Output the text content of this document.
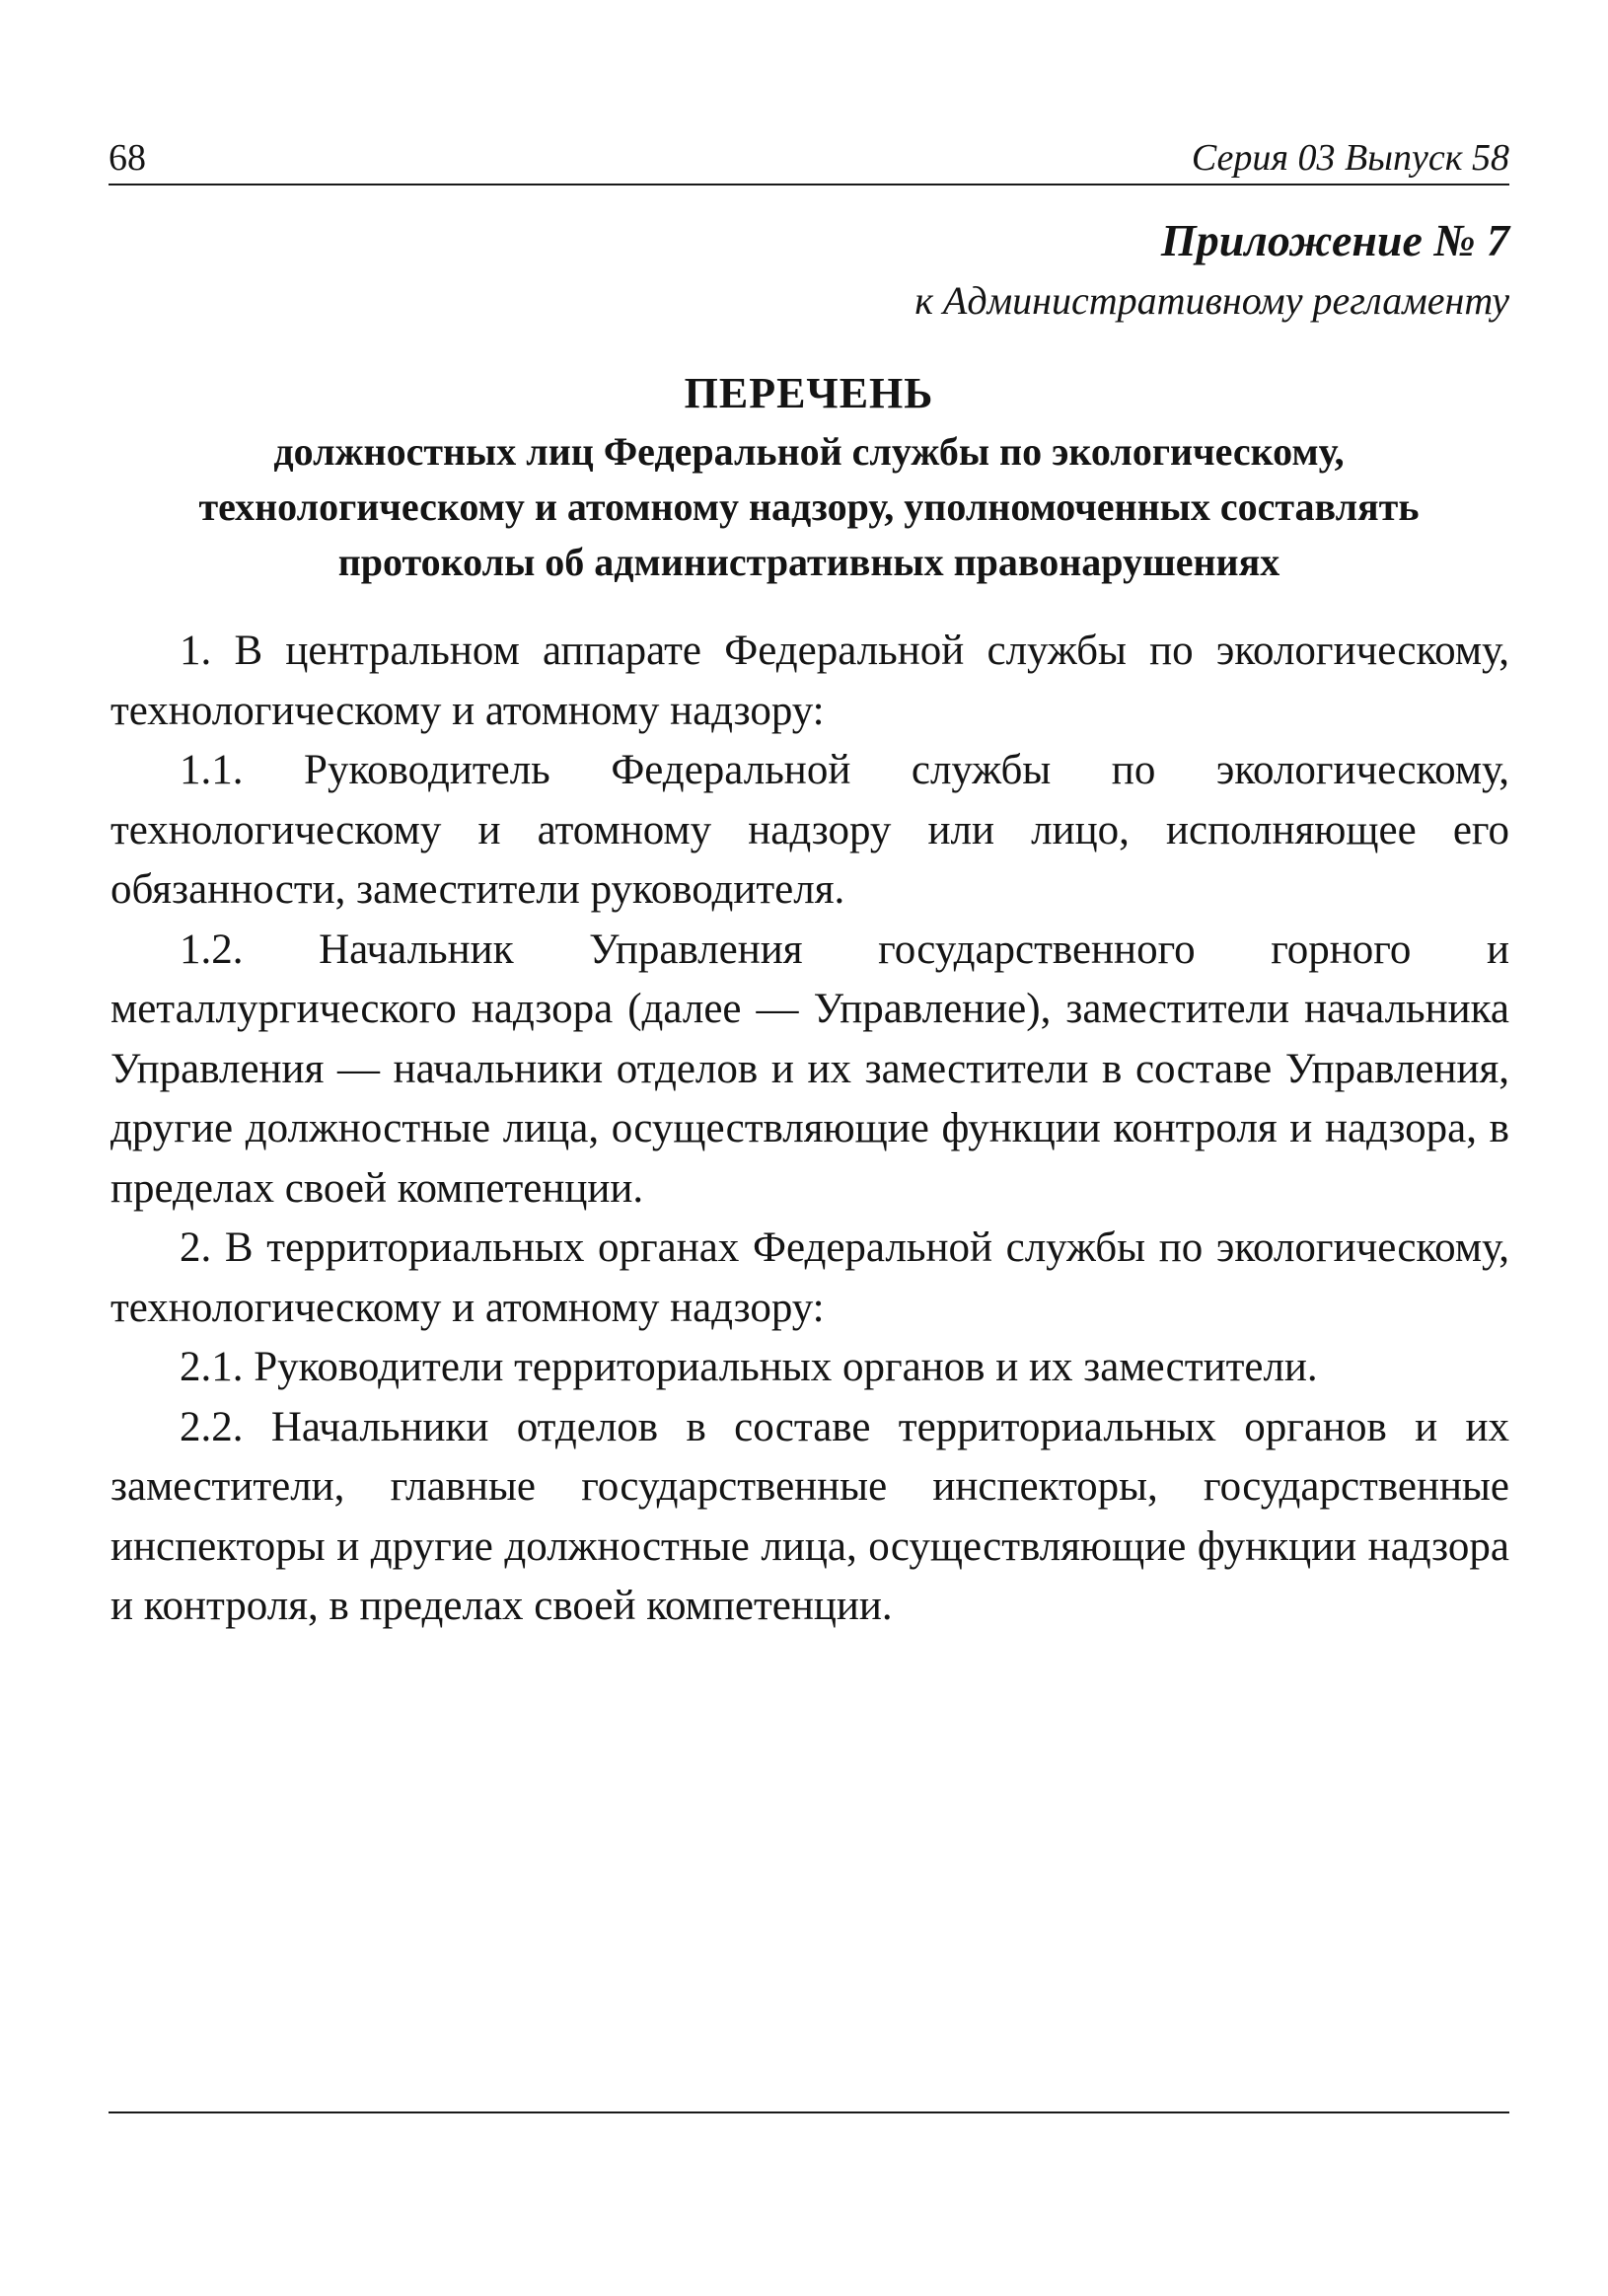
68	Серия 03 Выпуск 58
Приложение № 7
к Административному регламенту
ПЕРЕЧЕНЬ
должностных лиц Федеральной службы по экологическому,
технологическому и атомному надзору, уполномоченных составлять
протоколы об административных правонарушениях

1. В центральном аппарате Федеральной службы по экологическому, технологическому и атомному надзору:

1.1. Руководитель Федеральной службы по экологическому, технологическому и атомному надзору или лицо, исполняющее его обязанности, заместители руководителя.

1.2. Начальник Управления государственного горного и металлургического надзора (далее — Управление), заместители начальника Управления — начальники отделов и их заместители в составе Управления, другие должностные лица, осуществляющие функции контроля и надзора, в пределах своей компетенции.

2. В территориальных органах Федеральной службы по экологическому, технологическому и атомному надзору:

2.1. Руководители территориальных органов и их заместители.

2.2. Начальники отделов в составе территориальных органов и их заместители, главные государственные инспекторы, государственные инспекторы и другие должностные лица, осуществляющие функции надзора и контроля, в пределах своей компетенции.
